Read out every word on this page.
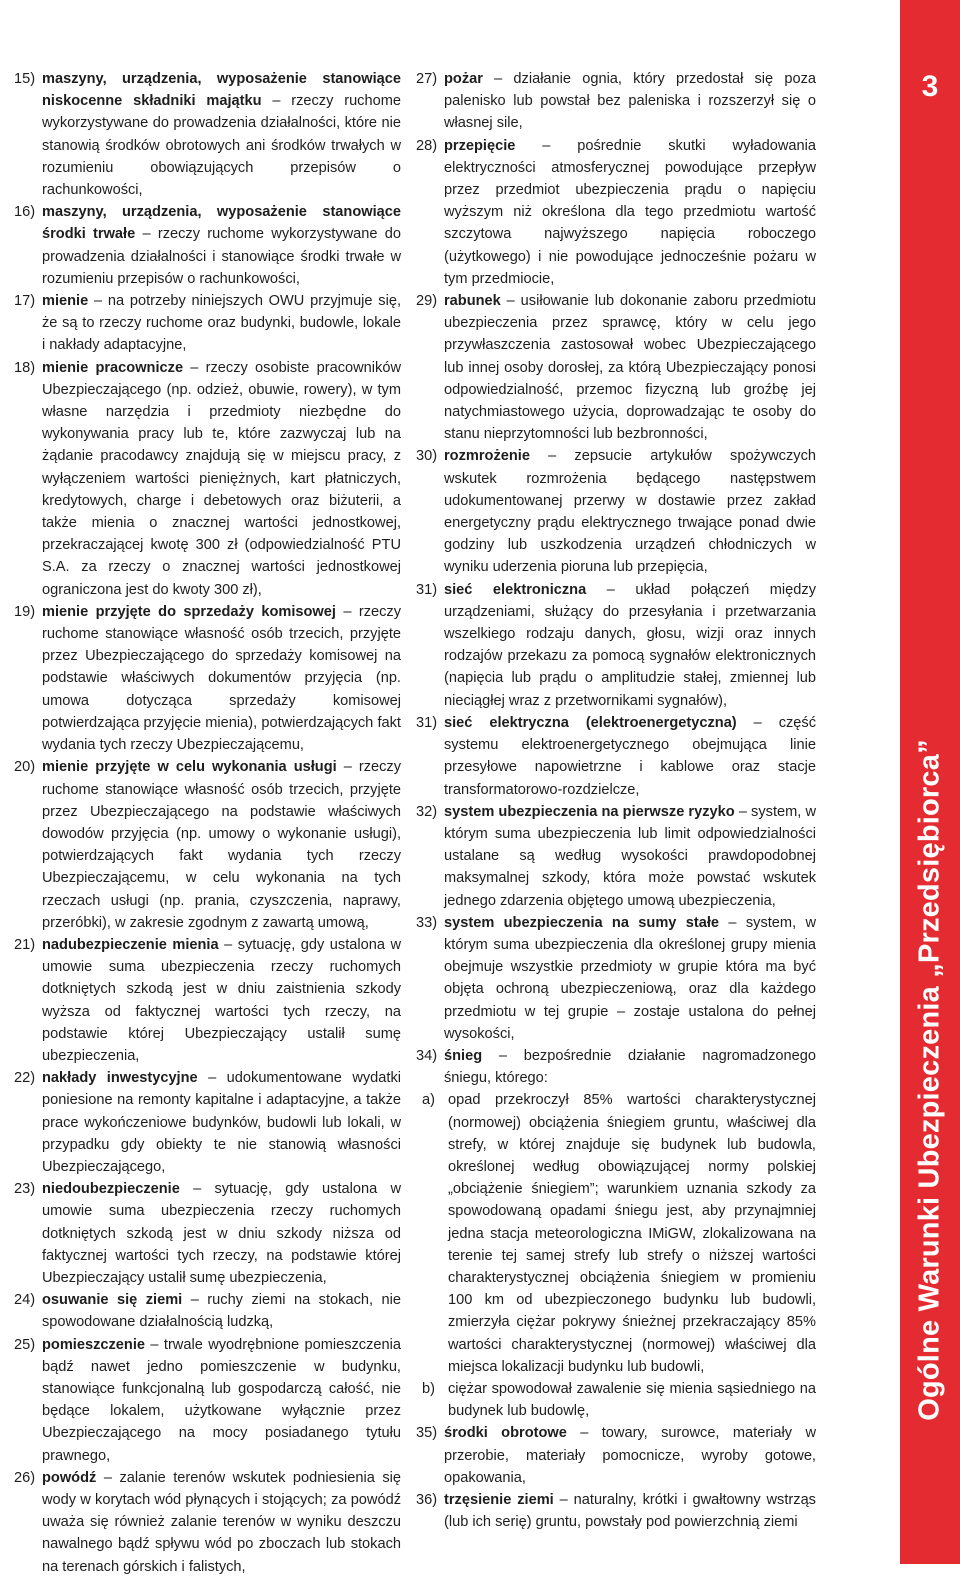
15) maszyny, urządzenia, wyposażenie stanowiące niskocenne składniki majątku – rzeczy ruchome wykorzystywane do prowadzenia działalności, które nie stanowią środków obrotowych ani środków trwałych w rozumieniu obowiązujących przepisów o rachunkowości,

16) maszyny, urządzenia, wyposażenie stanowiące środki trwałe – rzeczy ruchome wykorzystywane do prowadzenia działalności i stanowiące środki trwałe w rozumieniu przepisów o rachunkowości,

17) mienie – na potrzeby niniejszych OWU przyjmuje się, że są to rzeczy ruchome oraz budynki, budowle, lokale i nakłady adaptacyjne,

18) mienie pracownicze – rzeczy osobiste pracowników Ubezpieczającego (np. odzież, obuwie, rowery), w tym własne narzędzia i przedmioty niezbędne do wykonywania pracy lub te, które zazwyczaj lub na żądanie pracodawcy znajdują się w miejscu pracy, z wyłączeniem wartości pieniężnych, kart płatniczych, kredytowych, charge i debetowych oraz biżuterii, a także mienia o znacznej wartości jednostkowej, przekraczającej kwotę 300 zł (odpowiedzialność PTU S.A. za rzeczy o znacznej wartości jednostkowej ograniczona jest do kwoty 300 zł),

19) mienie przyjęte do sprzedaży komisowej – rzeczy ruchome stanowiące własność osób trzecich, przyjęte przez Ubezpieczającego do sprzedaży komisowej na podstawie właściwych dokumentów przyjęcia (np. umowa dotycząca sprzedaży komisowej potwierdzająca przyjęcie mienia), potwierdzających fakt wydania tych rzeczy Ubezpieczającemu,

20) mienie przyjęte w celu wykonania usługi – rzeczy ruchome stanowiące własność osób trzecich, przyjęte przez Ubezpieczającego na podstawie właściwych dowodów przyjęcia (np. umowy o wykonanie usługi), potwierdzających fakt wydania tych rzeczy Ubezpieczającemu, w celu wykonania na tych rzeczach usługi (np. prania, czyszczenia, naprawy, przeróbki), w zakresie zgodnym z zawartą umową,

21) nadubezpieczenie mienia – sytuację, gdy ustalona w umowie suma ubezpieczenia rzeczy ruchomych dotkniętych szkodą jest w dniu zaistnienia szkody wyższa od faktycznej wartości tych rzeczy, na podstawie której Ubezpieczający ustalił sumę ubezpieczenia,

22) nakłady inwestycyjne – udokumentowane wydatki poniesione na remonty kapitalne i adaptacyjne, a także prace wykończeniowe budynków, budowli lub lokali, w przypadku gdy obiekty te nie stanowią własności Ubezpieczającego,

23) niedoubezpieczenie – sytuację, gdy ustalona w umowie suma ubezpieczenia rzeczy ruchomych dotkniętych szkodą jest w dniu szkody niższa od faktycznej wartości tych rzeczy, na podstawie której Ubezpieczający ustalił sumę ubezpieczenia,

24) osuwanie się ziemi – ruchy ziemi na stokach, nie spowodowane działalnością ludzką,

25) pomieszczenie – trwale wyodrębnione pomieszczenia bądź nawet jedno pomieszczenie w budynku, stanowiące funkcjonalną lub gospodarczą całość, nie będące lokalem, użytkowane wyłącznie przez Ubezpieczającego na mocy posiadanego tytułu prawnego,

26) powódź – zalanie terenów wskutek podniesienia się wody w korytach wód płynących i stojących; za powódź uważa się również zalanie terenów w wyniku deszczu nawalnego bądź spływu wód po zboczach lub stokach na terenach górskich i falistych,

27) pożar – działanie ognia, który przedostał się poza palenisko lub powstał bez paleniska i rozszerzył się o własnej sile,

28) przepięcie – pośrednie skutki wyładowania elektryczności atmosferycznej powodujące przepływ przez przedmiot ubezpieczenia prądu o napięciu wyższym niż określona dla tego przedmiotu wartość szczytowa najwyższego napięcia roboczego (użytkowego) i nie powodujące jednocześnie pożaru w tym przedmiocie,

29) rabunek – usiłowanie lub dokonanie zaboru przedmiotu ubezpieczenia przez sprawcę, który w celu jego przywłaszczenia zastosował wobec Ubezpieczającego lub innej osoby dorosłej, za którą Ubezpieczający ponosi odpowiedzialność, przemoc fizyczną lub groźbę jej natychmiastowego użycia, doprowadzając te osoby do stanu nieprzytomności lub bezbronności,

30) rozmrożenie – zepsucie artykułów spożywczych wskutek rozmrożenia będącego następstwem udokumentowanej przerwy w dostawie przez zakład energetyczny prądu elektrycznego trwające ponad dwie godziny lub uszkodzenia urządzeń chłodniczych w wyniku uderzenia pioruna lub przepięcia,

31) sieć elektroniczna – układ połączeń między urządzeniami, służący do przesyłania i przetwarzania wszelkiego rodzaju danych, głosu, wizji oraz innych rodzajów przekazu za pomocą sygnałów elektronicznych (napięcia lub prądu o amplitudzie stałej, zmiennej lub nieciągłej wraz z przetwornikami sygnałów),

31) sieć elektryczna (elektroenergetyczna) – część systemu elektroenergetycznego obejmująca linie przesyłowe napowietrzne i kablowe oraz stacje transformatorowo-rozdzielcze,

32) system ubezpieczenia na pierwsze ryzyko – system, w którym suma ubezpieczenia lub limit odpowiedzialności ustalane są według wysokości prawdopodobnej maksymalnej szkody, która może powstać wskutek jednego zdarzenia objętego umową ubezpieczenia,

33) system ubezpieczenia na sumy stałe – system, w którym suma ubezpieczenia dla określonej grupy mienia obejmuje wszystkie przedmioty w grupie która ma być objęta ochroną ubezpieczeniową, oraz dla każdego przedmiotu w tej grupie – zostaje ustalona do pełnej wysokości,

34) śnieg – bezpośrednie działanie nagromadzonego śniegu, którego:

a) opad przekroczył 85% wartości charakterystycznej (normowej) obciążenia śniegiem gruntu, właściwej dla strefy, w której znajduje się budynek lub budowla, określonej według obowiązującej normy polskiej „obciążenie śniegiem”; warunkiem uznania szkody za spowodowaną opadami śniegu jest, aby przynajmniej jedna stacja meteorologiczna IMiGW, zlokalizowana na terenie tej samej strefy lub strefy o niższej wartości charakterystycznej obciążenia śniegiem w promieniu 100 km od ubezpieczonego budynku lub budowli, zmierzyła ciężar pokrywy śnieżnej przekraczający 85% wartości charakterystycznej (normowej) właściwej dla miejsca lokalizacji budynku lub budowli,

b) ciężar spowodował zawalenie się mienia sąsiedniego na budynek lub budowlę,

35) środki obrotowe – towary, surowce, materiały w przerobie, materiały pomocnicze, wyroby gotowe, opakowania,

36) trzęsienie ziemi – naturalny, krótki i gwałtowny wstrząs (lub ich serię) gruntu, powstały pod powierzchnią ziemi

3
Ogólne Warunki Ubezpieczenia „Przedsiębiorca”
